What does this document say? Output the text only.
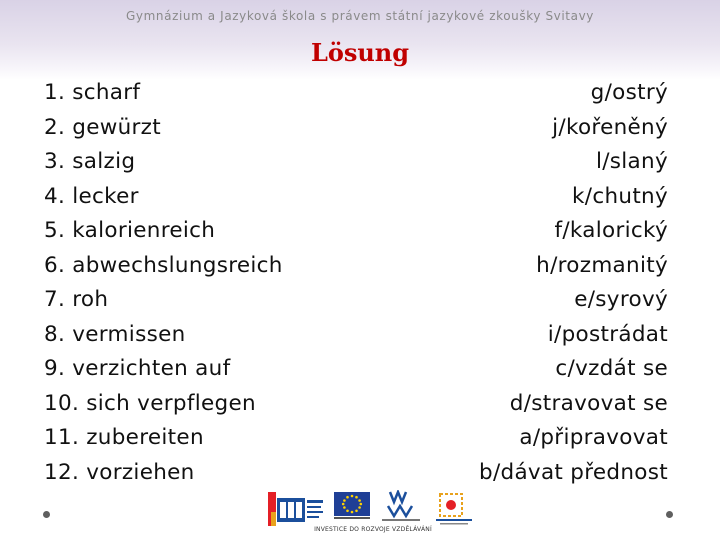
Gymnázium a Jazyková škola s právem státní jazykové zkoušky Svitavy
Lösung
1. scharf
2. gewürzt
3. salzig
4. lecker
5. kalorienreich
6. abwechslungsreich
7. roh
8. vermissen
9. verzichten auf
10. sich verpflegen
11. zubereiten
12. vorziehen
g/ostrý
j/kořeněný
l/slaný
k/chutný
f/kalorický
h/rozmanitý
e/syrový
i/postrádat
c/vzdát se
d/stravovat se
a/připravovat
b/dávat přednost
INVESTICE DO ROZVOJE VZDĚLÁVÁNÍ
